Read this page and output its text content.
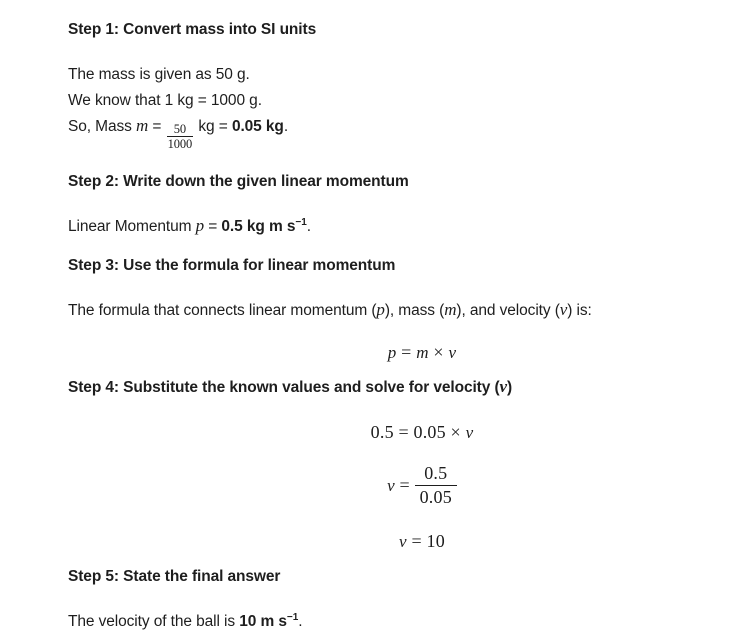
Step 1: Convert mass into SI units
The mass is given as 50 g.
We know that 1 kg = 1000 g.
So, Mass $m = \frac{50}{1000}$ kg = 0.05 kg.
Step 2: Write down the given linear momentum
Linear Momentum p = 0.5 kg m $s^{-1}$.
Step 3: Use the formula for linear momentum
The formula that connects linear momentum (p), mass (m), and velocity (v) is:
p = m × v
Step 4: Substitute the known values and solve for velocity (v)
0.5 = 0.05 × v
$v = \frac{0.5}{0.05}$
v = 10
Step 5: State the final answer
The velocity of the ball is 10 m $s^{-1}$.
